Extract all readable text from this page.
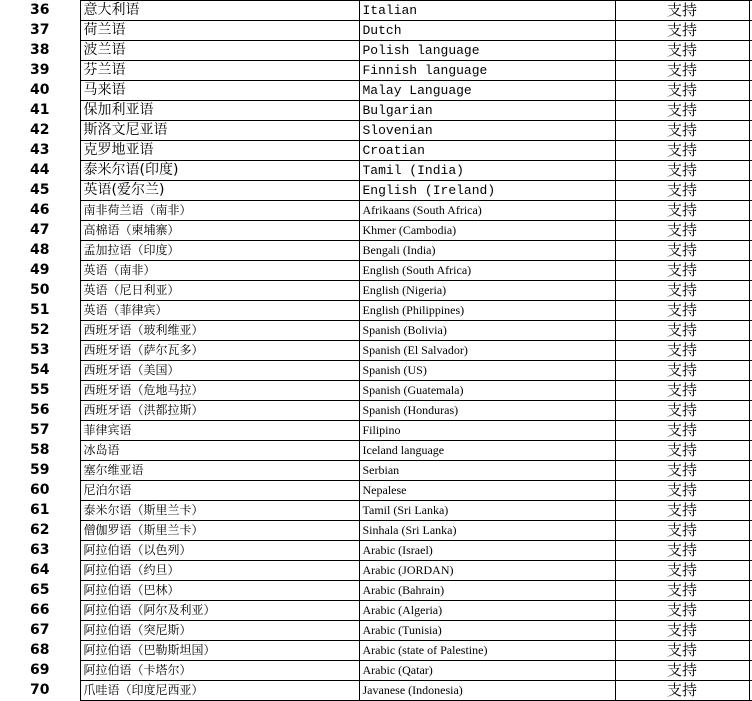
36	意大利语	Italian	支持	
37	荷兰语	Dutch	支持	
38	波兰语	Polish language	支持	
39	芬兰语	Finnish language	支持	
40	马来语	Malay Language	支持	
41	保加利亚语	Bulgarian	支持	
42	斯洛文尼亚语	Slovenian	支持	
43	克罗地亚语	Croatian	支持	
44	泰米尔语(印度)	Tamil (India)	支持	
45	英语(爱尔兰)	English (Ireland)	支持	
46	南非荷兰语（南非）	Afrikaans (South Africa)	支持	
47	高棉语（柬埔寨）	Khmer (Cambodia)	支持	
48	孟加拉语（印度）	Bengali (India)	支持	
49	英语（南非）	English (South Africa)	支持	
50	英语（尼日利亚）	English (Nigeria)	支持	
51	英语（菲律宾）	English (Philippines)	支持	
52	西班牙语（玻利维亚）	Spanish (Bolivia)	支持	
53	西班牙语（萨尔瓦多）	Spanish (El Salvador)	支持	
54	西班牙语（美国）	Spanish (US)	支持	
55	西班牙语（危地马拉）	Spanish (Guatemala)	支持	
56	西班牙语（洪都拉斯）	Spanish (Honduras)	支持	
57	菲律宾语	Filipino	支持	
58	冰岛语	Iceland language	支持	
59	塞尔维亚语	Serbian	支持	
60	尼泊尔语	Nepalese	支持	
61	泰米尔语（斯里兰卡）	Tamil (Sri Lanka)	支持	
62	僧伽罗语（斯里兰卡）	Sinhala (Sri Lanka)	支持	
63	阿拉伯语（以色列）	Arabic (Israel)	支持	
64	阿拉伯语（约旦）	Arabic (JORDAN)	支持	
65	阿拉伯语（巴林）	Arabic (Bahrain)	支持	
66	阿拉伯语（阿尔及利亚）	Arabic (Algeria)	支持	
67	阿拉伯语（突尼斯）	Arabic (Tunisia)	支持	
68	阿拉伯语（巴勒斯坦国）	Arabic (state of Palestine)	支持	
69	阿拉伯语（卡塔尔）	Arabic (Qatar)	支持	
70	爪哇语（印度尼西亚）	Javanese (Indonesia)	支持	
